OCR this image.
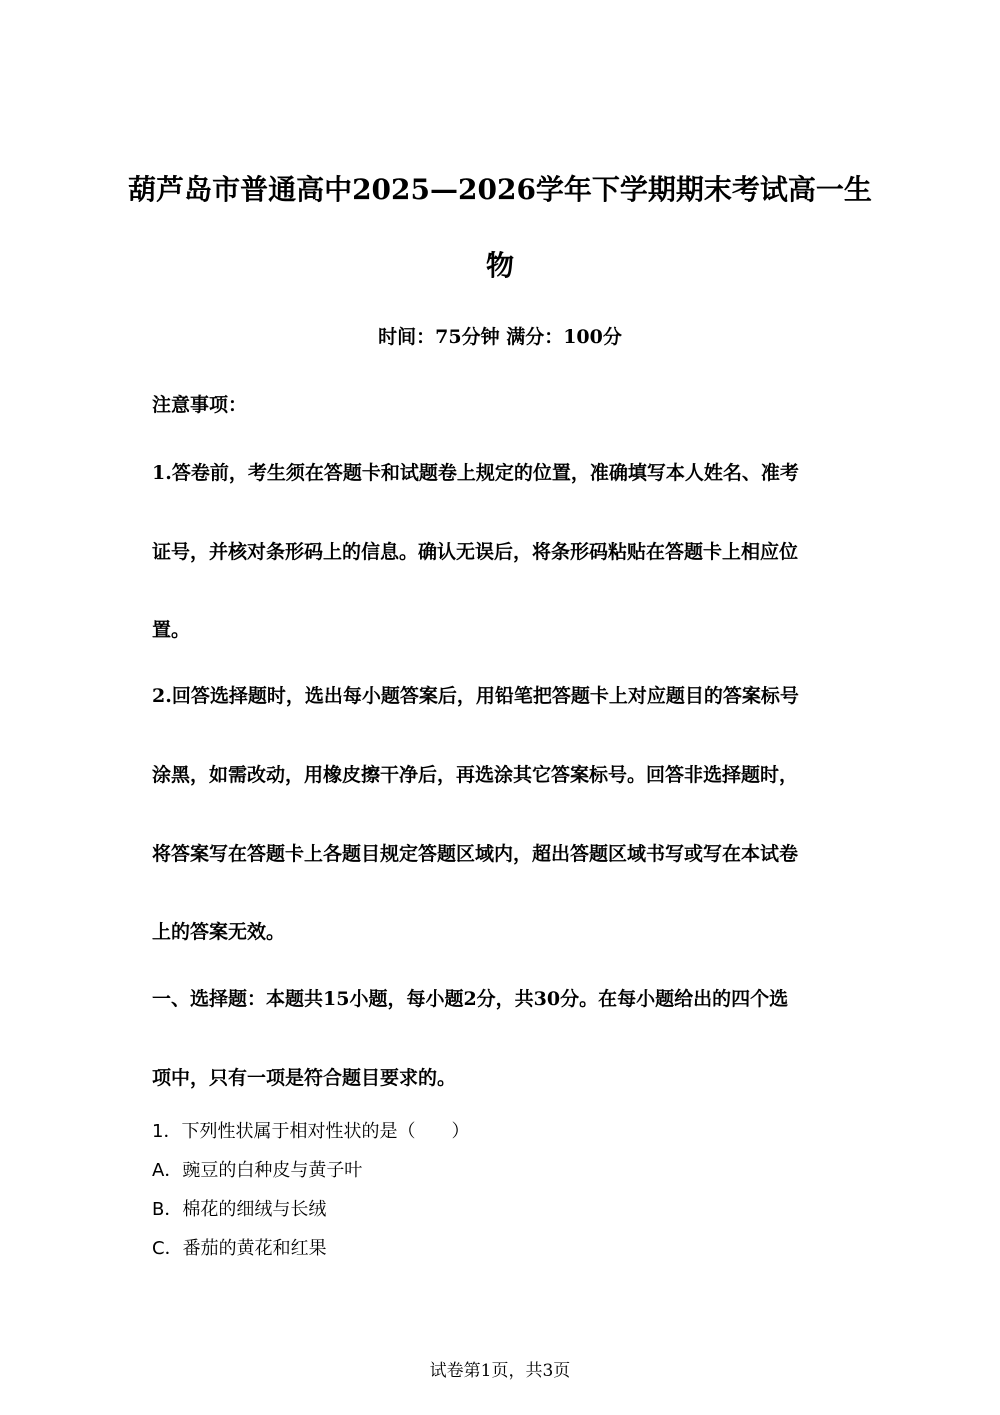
葫芦岛市普通高中2025—2026学年下学期期末考试高一生
物
时间：75分钟 满分：100分
注意事项：
1.答卷前，考生须在答题卡和试题卷上规定的位置，准确填写本人姓名、准考
证号，并核对条形码上的信息。确认无误后，将条形码粘贴在答题卡上相应位
置。
2.回答选择题时，选出每小题答案后，用铅笔把答题卡上对应题目的答案标号
涂黑，如需改动，用橡皮擦干净后，再选涂其它答案标号。回答非选择题时，
将答案写在答题卡上各题目规定答题区域内，超出答题区域书写或写在本试卷
上的答案无效。
一、选择题：本题共15小题，每小题2分，共30分。在每小题给出的四个选
项中，只有一项是符合题目要求的。
1．下列性状属于相对性状的是（　　）
A．豌豆的白种皮与黄子叶
B．棉花的细绒与长绒
C．番茄的黄花和红果
试卷第1页，共3页
